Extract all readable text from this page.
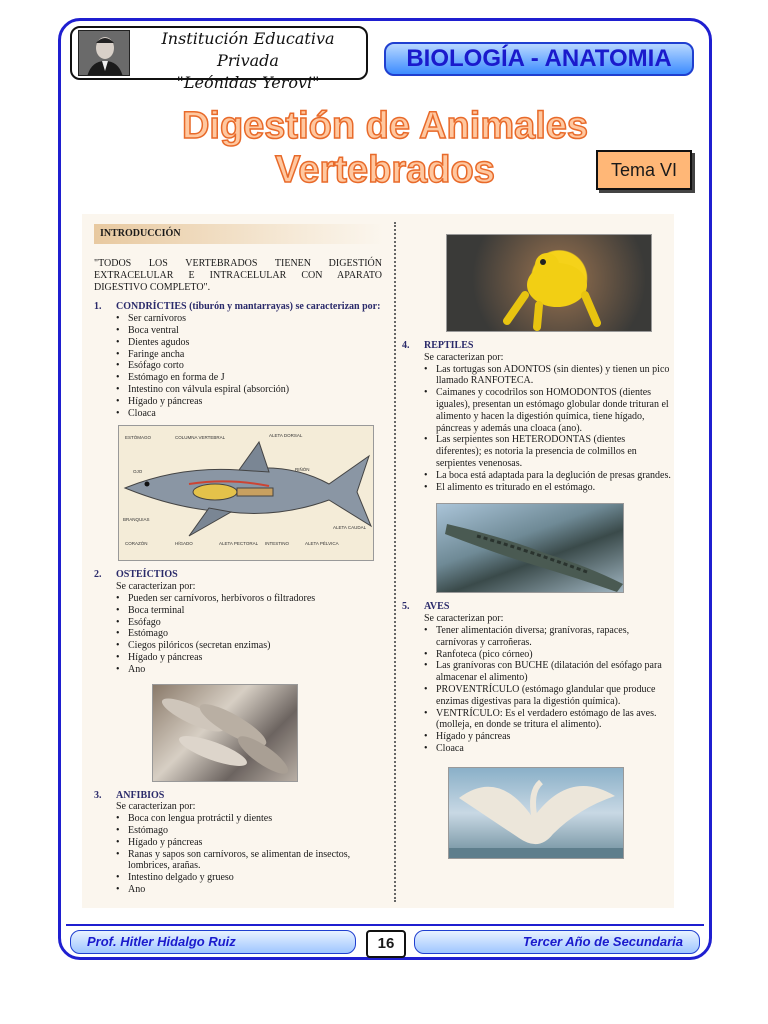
Institución Educativa Privada
"Leónidas Yerovi"
BIOLOGÍA - ANATOMIA
Digestión de Animales
Vertebrados	Tema VI
INTRODUCCIÓN
"TODOS LOS VERTEBRADOS TIENEN DIGESTIÓN EXTRACELULAR E INTRACELULAR CON APARATO DIGESTIVO COMPLETO".
1. CONDRÍCTIES (tiburón y mantarrayas) se caracterizan por:
• Ser carnívoros
• Boca ventral
• Dientes agudos
• Faringe ancha
• Esófago corto
• Estómago en forma de J
• Intestino con válvula espiral (absorción)
• Hígado y páncreas
• Cloaca
ESTÓMAGO	COLUMNA VERTEBRAL	ALETA DORSAL
OJO	RIÑÓN
BRANQUIAS
ALETA CAUDAL
CORAZÓN	HÍGADO	ALETA PECTORAL INTESTINO	ALETA PÉLVICA
2. OSTEÍCTIOS
Se caracterizan por:
• Pueden ser carnívoros, herbívoros o filtradores
• Boca terminal
• Esófago
• Estómago
• Ciegos pilóricos (secretan enzimas)
• Hígado y páncreas
• Ano
3. ANFIBIOS
Se caracterizan por:
• Boca con lengua protráctil y dientes
• Estómago
• Hígado y páncreas
• Ranas y sapos son carnívoros, se alimentan de insectos, lombrices, arañas.
• Intestino delgado y grueso
• Ano
4. REPTILES
Se caracterizan por:
• Las tortugas son ADONTOS (sin dientes) y tienen un pico llamado RANFOTECA.
• Caimanes y cocodrilos son HOMODONTOS (dientes iguales), presentan un estómago globular donde trituran el alimento y hacen la digestión química, tiene hígado, páncreas y además una cloaca (ano).
• Las serpientes son HETERODONTAS (dientes diferentes); es notoria la presencia de colmillos en serpientes venenosas.
• La boca está adaptada para la deglución de presas grandes.
• El alimento es triturado en el estómago.
5. AVES
Se caracterizan por:
• Tener alimentación diversa; granívoras, rapaces, carnívoras y carroñeras.
• Ranfoteca (pico córneo)
• Las granívoras con BUCHE (dilatación del esófago para almacenar el alimento)
• PROVENTRÍCULO (estómago glandular que produce enzimas digestivas para la digestión química).
• VENTRÍCULO: Es el verdadero estómago de las aves.(molleja, en donde se tritura el alimento).
• Hígado y páncreas
• Cloaca
Prof. Hitler Hidalgo Ruiz	16	Tercer Año de Secundaria
